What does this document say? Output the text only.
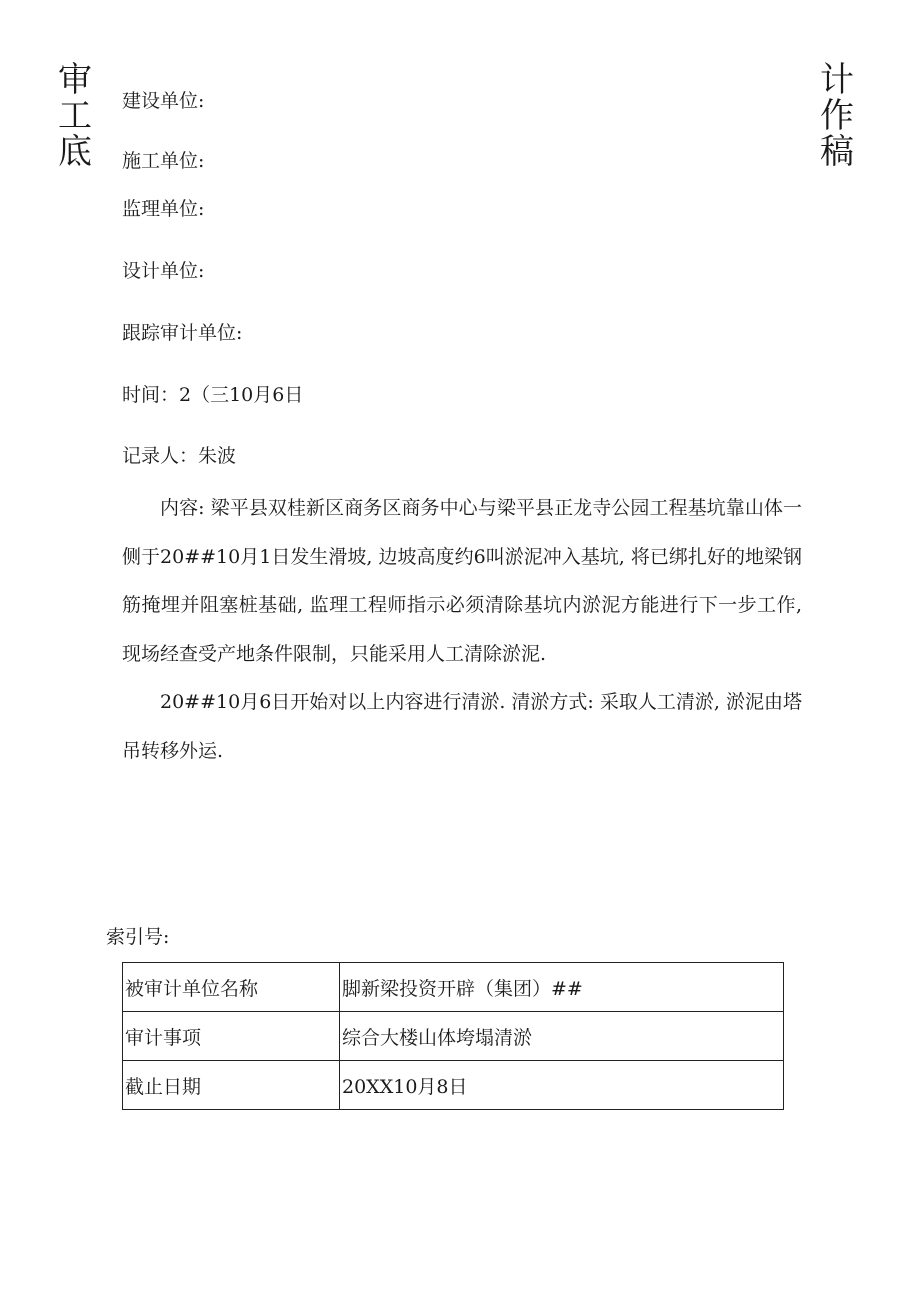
审
工
底
计
作
稿
建设单位:
施工单位:
监理单位:
设计单位:
跟踪审计单位:
时间：2（三10月6日
记录人：朱波

内容: 梁平县双桂新区商务区商务中心与梁平县正龙寺公园工程基坑靠山体一侧于20##10月1日发生滑坡, 边坡高度约6叫淤泥冲入基坑, 将已绑扎好的地梁钢筋掩埋并阻塞桩基础, 监理工程师指示必须清除基坑内淤泥方能进行下一步工作, 现场经查受产地条件限制，只能采用人工清除淤泥.

20##10月6日开始对以上内容进行清淤. 清淤方式: 采取人工清淤, 淤泥由塔吊转移外运.

索引号:
被审计单位名称	脚新梁投资开辟（集团）##
审计事项	综合大楼山体垮塌清淤
截止日期	20XX10月8日
